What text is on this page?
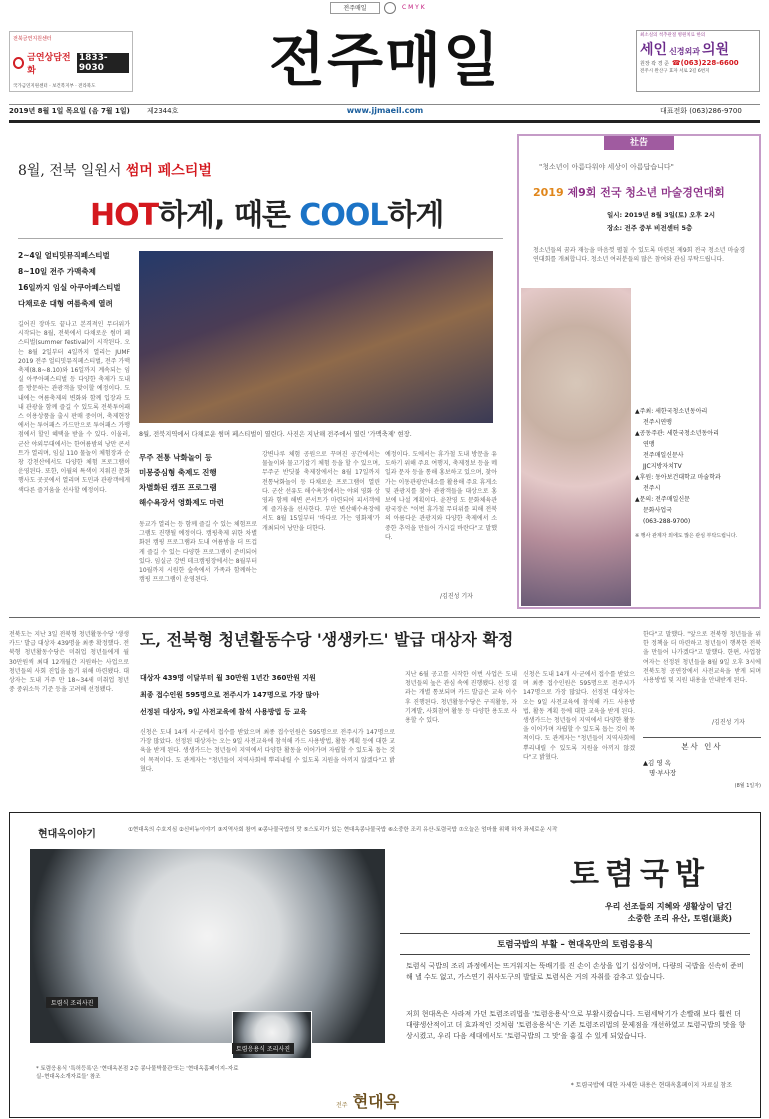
전주매일	C M Y K
전북금연지원센터
금연상담전화
1833-9030
국가금연지원센터 · 보건복지부 · 전라북도	전주매일
www.jjmaeil.com
최소실의 척추관절 병원치료 한의
세인 신경외과 의원
원장 곽 경 준 ☎(063)228-6600
전주시 완산구 효자 서로 2길 6번지
2019년 8월 1일 목요일 (음 7월 1일) 제2344호	대표전화 (063)286-9700
8월, 전북 일원서 썸머 페스티벌
HOT하게, 때론 COOL하게
2~4일 얼티밋뮤직페스티벌
8~10일 전주 가맥축제
16일까지 임실 아쿠아페스티벌
다채로운 대형 여름축제 열려
8월, 전북지역에서 다채로운 썸머 페스티벌이 열린다. 사진은 지난해 전주에서 열린 '가맥축제' 현장.
길어진 장마도 끝나고 본격적인 무더위가 시작되는 8월, 전북에서 다채로운 썸머 페스티벌(summer festival)이 시작된다. 오는 8월 2일부터 4일까지 열리는 JUMF 2019 전주 얼티밋뮤직페스티벌, 전주 가맥축제(8.8~8.10)와 16일까지 계속되는 임실 아쿠아페스티벌 등 다양한 축제가 도내를 방문하는 관광객을 맞이할 예정이다. 도내에는 여름축제의 변화와 함께 입장과 도내 관광을 함께 즐길 수 있도록 전북투어패스 이용상품을 출시 판매 중이며, 축제현장에서는 투어패스 카드만으로 투어패스 가맹점에서 할인 혜택을 받을 수 있다. 이울러, 군산 야외무대에서는 한여름밤의 낭만 콘서트가 열리며, 임실 110 물놀이 체험장과 순창 강천산에서도 다양한 체험 프로그램이 운영된다. 또한, 이월의 특색이 지워진 문화 행사도 곳곳에서 열리며 도민과 관광객에게 색다른 즐거움을 선사할 예정이다.
무주 전통 낙화놀이 등
미몽중심형 축제도 진행
차별화된 캠프 프로그램
해수욕장서 영화제도 마련
동교가 열리는 등 함께 즐길 수 있는 체험프로그램도 진행될 예정이다. 캠핑축제 위한 차별화된 캠핑 프로그램과 도내 여름밤을 더 뜨겁게 즐길 수 있는 다양한 프로그램이 준비되어 있다. 임실군 강변 데크캠핑장에서는 8월부터 10월까지 시원한 숲속에서 가족과 함께하는 캠핑 프로그램이 운영된다.
강변나루 체험 공원으로 꾸며진 공간에서는 물놀이와 물고기잡기 체험 등을 할 수 있으며, 무주군 반딧불 축제장에서는 8월 17일까지 전통낙화놀이 등 다채로운 프로그램이 열린다. 군산 선유도 해수욕장에서는 야외 영화 상영과 함께 해변 콘서트가 마련되어 피서객에게 즐거움을 선사한다. 부안 변산해수욕장에서도 8월 15일부터 '바다로 가는 영화제'가 개최되어 낭만을 더한다.
예정이다. 도에서는 휴가철 도내 방문을 유도하기 위해 주요 여행지, 축제정보 등을 메일과 문자 등을 통해 홍보하고 있으며, 찾아가는 이동관광안내소를 활용해 주요 휴게소 및 관광지를 찾아 관광객들을 대상으로 홍보에 나설 계획이다. 윤찬영 도 문화체육관광국장은 "이번 휴가철 무더위를 피해 전북의 아름다운 관광지와 다양한 축제에서 소중한 추억을 만들어 가시길 바란다"고 말했다.
/김진성 기자
社告
"청소년이 아름다워야 세상이 아름답습니다"
2019 제9회 전국 청소년 마술경연대회
일시: 2019년 8월 3일(토) 오후 2시
장소: 전주 중부 비전센터 5층
청소년들의 꿈과 재능을 마음껏 펼칠 수 있도록 마련된 제9회 전국 청소년 마술경연대회를 개최합니다. 청소년 여러분들의 많은 참여와 관심 부탁드립니다.
▲주최: 세한국청소년동아리
전주시연맹
▲공동주관: 세한국청소년동아리
연맹
전주매일신문사
JJC지방자치TV
▲후원: 동아보건대학교 마술학과
전주시
▲문의: 전주매일신문
문화사업국
(063-288-9700)
※ 행사 관계자 외에도 많은 관심 부탁드립니다.
전북도는 지난 3일 전북형 청년활동수당 '생생카드' 발급 대상자 439명을 최종 확정했다. 전북형 청년활동수당은 미취업 청년들에게 월 30만원씩 최대 12개월간 지원하는 사업으로 청년들의 사회 진입을 돕기 위해 마련됐다. 대상자는 도내 거주 만 18~34세 미취업 청년 중 중위소득 기준 등을 고려해 선정됐다.
도, 전북형 청년활동수당 '생생카드' 발급 대상자 확정
대상자 439명 이달부터 월 30만원 1년간 360만원 지원
최종 접수인원 595명으로 전주시가 147명으로 가장 많아
선정된 대상자, 9일 사전교육에 참석 사용방법 등 교육
신청은 도내 14개 시·군에서 접수를 받았으며 최종 접수인원은 595명으로 전주시가 147명으로 가장 많았다. 선정된 대상자는 오는 9일 사전교육에 참석해 카드 사용방법, 활동 계획 등에 대한 교육을 받게 된다. 생생카드는 청년들이 지역에서 다양한 활동을 이어가며 자립할 수 있도록 돕는 것이 목적이다. 도 관계자는 "청년들이 지역사회에 뿌리내릴 수 있도록 지원을 아끼지 않겠다"고 밝혔다.
지난 6월 공고를 시작한 이번 사업은 도내 청년들의 높은 관심 속에 진행됐다. 선정 결과는 개별 통보되며 카드 발급은 교육 이수 후 진행된다. 청년활동수당은 구직활동, 자기계발, 사회참여 활동 등 다양한 용도로 사용할 수 있다.
신청은 도내 14개 시·군에서 접수를 받았으며 최종 접수인원은 595명으로 전주시가 147명으로 가장 많았다. 선정된 대상자는 오는 9일 사전교육에 참석해 카드 사용방법, 활동 계획 등에 대한 교육을 받게 된다. 생생카드는 청년들이 지역에서 다양한 활동을 이어가며 자립할 수 있도록 돕는 것이 목적이다. 도 관계자는 "청년들이 지역사회에 뿌리내릴 수 있도록 지원을 아끼지 않겠다"고 밝혔다.
한다"고 말했다. "앞으로 전북형 청년들을 위한 정책을 더 마련하고 청년들이 행복한 전북을 만들어 나가겠다"고 말했다. 한편, 사업참여자는 선정된 청년들을 8월 9일 오후 3시에 전북도청 공연장에서 사전교육을 받게 되며 사용방법 및 지원 내용을 안내받게 된다.
/김진성 기자
본사 인사
▲김 영 옥
명·부사장
(8월 1일자)
현대옥이야기	①현대옥의 수호지심 ②신비뉴이야기 ③지역사회 참여 ④콩나물국밥의 맛 ⑤스토리가 있는 현대옥콩나물국밥 ⑥소중한 조리 유산-토렴국밥 ⑦오늘은 엄마를 위해 하자 좌세로운 시작
토렴식 조리사진
토렴응용식 조리사진
* 토렴응용식 '특허등록'은 '현대옥본점 2층 콩나물박물관'또는 '현대옥홈페이지–자료실–현대옥소개자료들' 참조
토렴국밥
우리 선조들의 지혜와 생활상이 담긴
소중한 조리 유산, 토렴(退炎)
토렴국밥의 부활 – 현대옥만의 토렴응용식
토렴식 국밥의 조리 과정에서는 뜨거워지는 뚝배기를 진 손이 손상을 입기 십상이며, 다량의 국밥을 신속히 준비해 낼 수도 없고, 가스연기 취사도구의 발달로 토렴식은 거의 자취를 감추고 있습니다.
저희 현대옥은 사라져 가던 토렴조리법을 '토렴응용식'으로 부활시켰습니다. 드럼세탁기가 손빨래 보다 훨씬 더 대량생산적이고 더 효과적인 것처럼 '토렴응용식'은 기존 토렴조리법의 문제점을 개선하였고 토렴국밥의 맛을 향상시켰고, 우리 다음 세대에서도 '토렴국밥의 그 맛'을 흉질 수 있게 되었습니다.
* 토렴국밥에 대한 자세한 내용은 현대옥홈페이지 자료실 참조
전주 현대옥
